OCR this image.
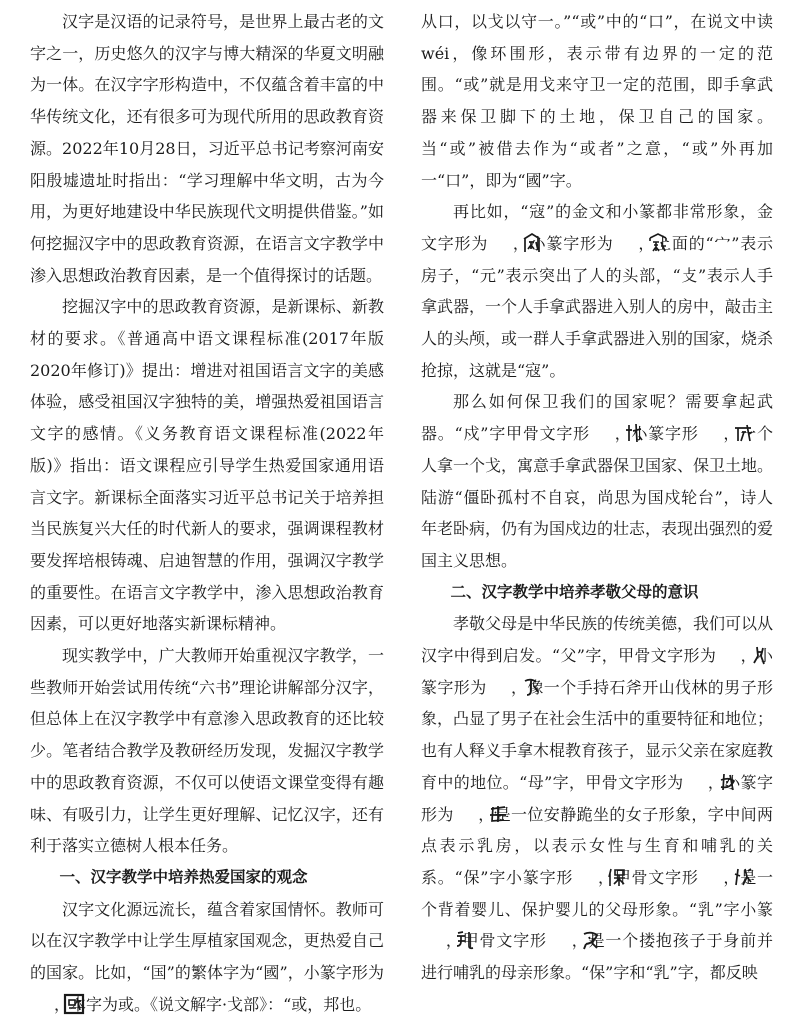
汉字是汉语的记录符号，是世界上最古老的文字之一，历史悠久的汉字与博大精深的华夏文明融为一体。在汉字字形构造中，不仅蕴含着丰富的中华传统文化，还有很多可为现代所用的思政教育资源。2022年10月28日，习近平总书记考察河南安阳殷墟遗址时指出：“学习理解中华文明，古为今用，为更好地建设中华民族现代文明提供借鉴。”如何挖掘汉字中的思政教育资源，在语言文字教学中渗入思想政治教育因素，是一个值得探讨的话题。

挖掘汉字中的思政教育资源，是新课标、新教材的要求。《普通高中语文课程标准(2017年版2020年修订)》提出：增进对祖国语言文字的美感体验，感受祖国汉字独特的美，增强热爱祖国语言文字的感情。《义务教育语文课程标准(2022年版)》指出：语文课程应引导学生热爱国家通用语言文字。新课标全面落实习近平总书记关于培养担当民族复兴大任的时代新人的要求，强调课程教材要发挥培根铸魂、启迪智慧的作用，强调汉字教学的重要性。在语言文字教学中，渗入思想政治教育因素，可以更好地落实新课标精神。

现实教学中，广大教师开始重视汉字教学，一些教师开始尝试用传统“六书”理论讲解部分汉字，但总体上在汉字教学中有意渗入思政教育的还比较少。笔者结合教学及教研经历发现，发掘汉字教学中的思政教育资源，不仅可以使语文课堂变得有趣味、有吸引力，让学生更好理解、记忆汉字，还有利于落实立德树人根本任务。

一、汉字教学中培养热爱国家的观念

汉字文化源远流长，蕴含着家国情怀。教师可以在汉字教学中让学生厚植家国观念，更热爱自己的国家。比如，“国”的繁体字为“國”，小篆字形为，本字为或。《说文解字·戈部》：“或，邦也。

从口，以戈以守一。”“或”中的“口”，在说文中读wéi，像环围形，表示带有边界的一定的范围。“或”就是用戈来守卫一定的范围，即手拿武器来保卫脚下的土地，保卫自己的国家。当“或”被借去作为“或者”之意，“或”外再加一“口”，即为“國”字。

再比如，“寇”的金文和小篆都非常形象，金文字形为 ，小篆字形为 ，上面的“宀”表示房子，“元”表示突出了人的头部，“攴”表示人手拿武器，一个人手拿武器进入别人的房中，敲击主人的头颅，或一群人手拿武器进入别的国家，烧杀抢掠，这就是“寇”。

那么如何保卫我们的国家呢？需要拿起武器。“戍”字甲骨文字形 ，小篆字形 ，一个人拿一个戈，寓意手拿武器保卫国家、保卫土地。陆游“僵卧孤村不自哀，尚思为国戍轮台”，诗人年老卧病，仍有为国戍边的壮志，表现出强烈的爱国主义思想。

二、汉字教学中培养孝敬父母的意识

孝敬父母是中华民族的传统美德，我们可以从汉字中得到启发。“父”字，甲骨文字形为 ，小篆字形为 ，像一个手持石斧开山伐林的男子形象，凸显了男子在社会生活中的重要特征和地位；也有人释义手拿木棍教育孩子，显示父亲在家庭教育中的地位。“母”字，甲骨文字形为 ，小篆字形为 ，是一位安静跪坐的女子形象，字中间两点表示乳房，以表示女性与生育和哺乳的关系。“保”字小篆字形 ，甲骨文字形 ，是一个背着婴儿、保护婴儿的父母形象。“乳”字小篆，甲骨文字形 ，是一个搂抱孩子于身前并进行哺乳的母亲形象。“保”字和“乳”字，都反映
